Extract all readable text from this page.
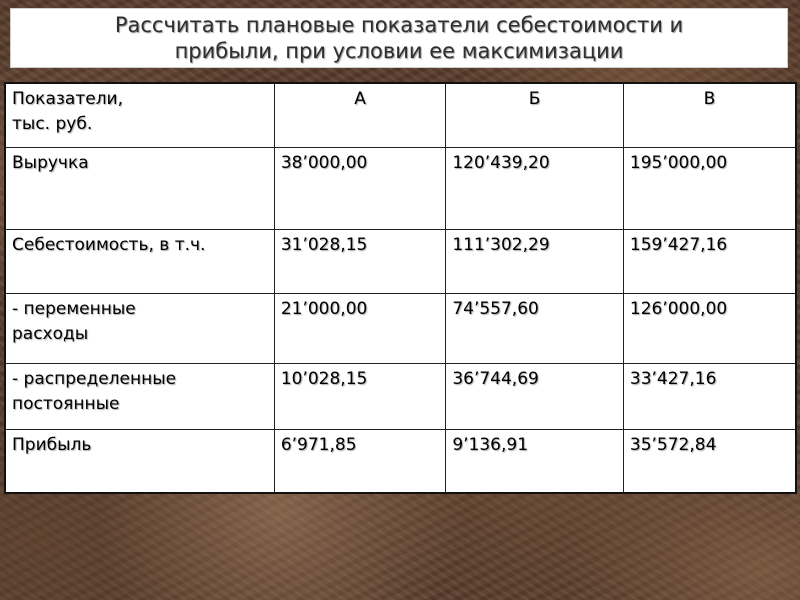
Рассчитать плановые показатели себестоимости и
прибыли, при условии ее максимизации
Показатели,
тыс. руб.	А	Б	В
Выручка	38’000,00	120’439,20	195’000,00
Себестоимость, в т.ч.	31’028,15	111’302,29	159’427,16
- переменные
расходы	21’000,00	74’557,60	126’000,00
- распределенные
постоянные	10’028,15	36’744,69	33’427,16
Прибыль	6’971,85	9’136,91	35’572,84
